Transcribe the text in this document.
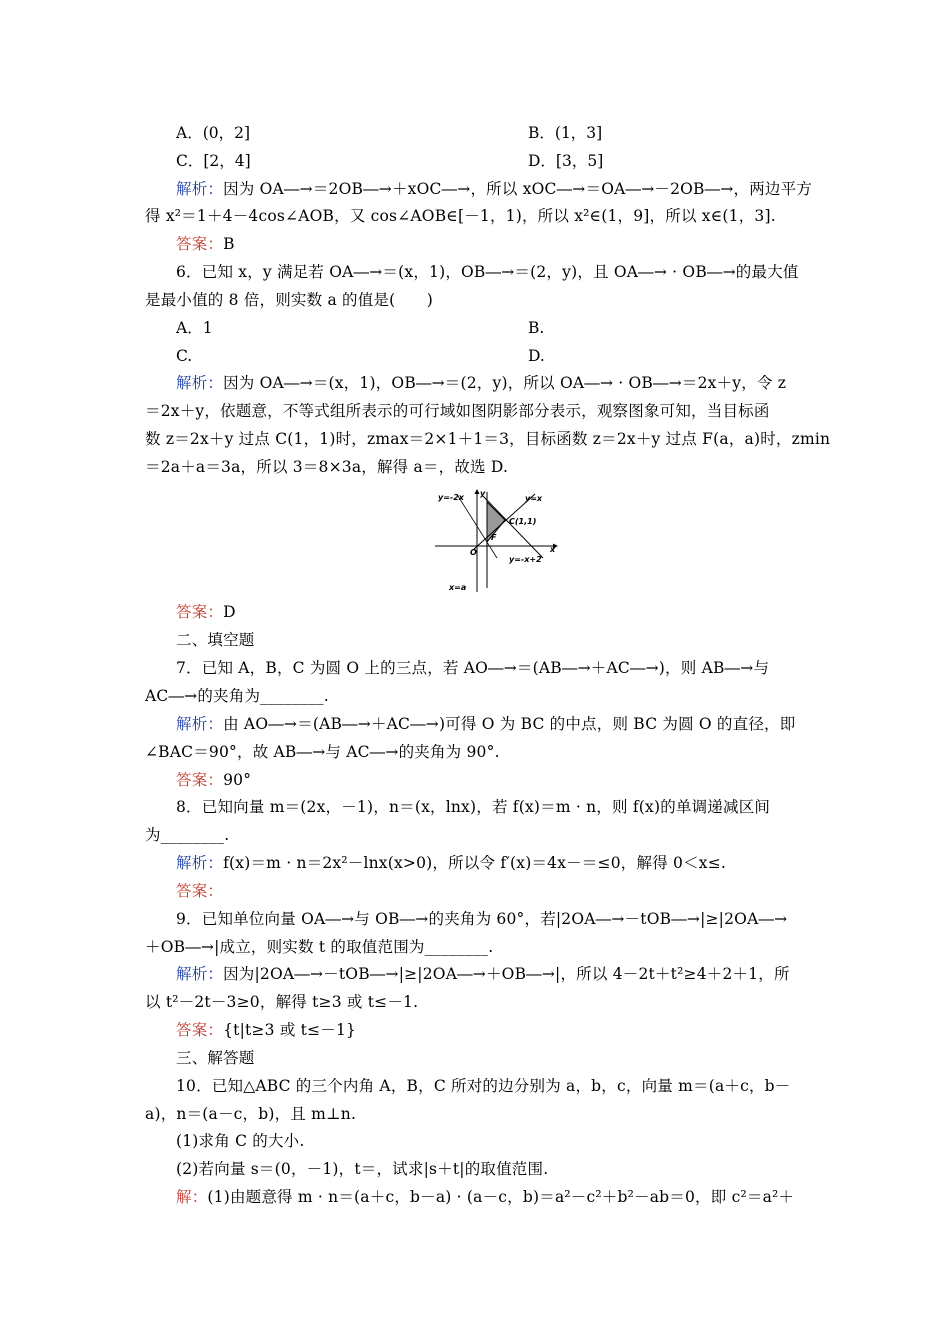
A．(0，2]	B．(1，3]
C．[2，4]	D．[3，5]
解析：因为 OA―→＝2OB―→＋xOC―→，所以 xOC―→＝OA―→－2OB―→，两边平方
得 x²＝1＋4－4cos∠AOB，又 cos∠AOB∈[－1，1)，所以 x²∈(1，9]，所以 x∈(1，3].
答案：B
6．已知 x，y 满足若 OA―→＝(x，1)，OB―→＝(2，y)，且 OA―→ · OB―→的最大值
是最小值的 8 倍，则实数 a 的值是(　　)
A．1	B.
C.	D.
解析：因为 OA―→＝(x，1)，OB―→＝(2，y)，所以 OA―→ · OB―→＝2x＋y，令 z
＝2x＋y，依题意，不等式组所表示的可行域如图阴影部分表示，观察图象可知，当目标函
数 z＝2x＋y 过点 C(1，1)时，zmax＝2×1＋1＝3，目标函数 z＝2x＋y 过点 F(a，a)时，zmin
＝2a＋a＝3a，所以 3＝8×3a，解得 a＝，故选 D.
y=-2x	y=x
C(1,1)
F
O	x
y
y=-x+2
x=a
答案：D
二、填空题
7．已知 A，B，C 为圆 O 上的三点，若 AO―→＝(AB―→＋AC―→)，则 AB―→与
AC―→的夹角为________.
解析：由 AO―→＝(AB―→＋AC―→)可得 O 为 BC 的中点，则 BC 为圆 O 的直径，即
∠BAC＝90°，故 AB―→与 AC―→的夹角为 90°.
答案：90°
8．已知向量 m＝(2x，－1)，n＝(x，lnx)，若 f(x)＝m · n，则 f(x)的单调递减区间
为________.
解析：f(x)＝m · n＝2x²－lnx(x>0)，所以令 f′(x)＝4x－＝≤0，解得 0＜x≤.
答案：
9．已知单位向量 OA―→与 OB―→的夹角为 60°，若|2OA―→－tOB―→|≥|2OA―→
＋OB―→|成立，则实数 t 的取值范围为________.
解析：因为|2OA―→－tOB―→|≥|2OA―→＋OB―→|，所以 4－2t＋t²≥4＋2＋1，所
以 t²－2t－3≥0，解得 t≥3 或 t≤－1.
答案：{t|t≥3 或 t≤－1}
三、解答题
10．已知△ABC 的三个内角 A，B，C 所对的边分别为 a，b，c，向量 m＝(a＋c，b－
a)，n＝(a－c，b)，且 m⊥n.
(1)求角 C 的大小.
(2)若向量 s＝(0，－1)，t＝，试求|s＋t|的取值范围.
解：(1)由题意得 m · n＝(a＋c，b－a) · (a－c，b)＝a²－c²＋b²－ab＝0，即 c²＝a²＋
